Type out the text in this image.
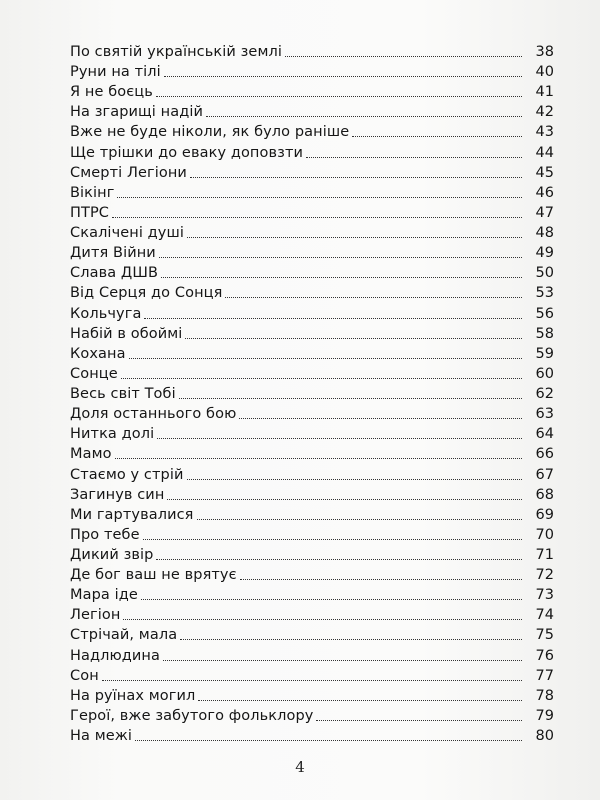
По святій українській землі	38
Руни на тілі	40
Я не боєць	41
На згарищі надій	42
Вже не буде ніколи, як було раніше	43
Ще трішки до еваку доповзти	44
Смерті Легіони	45
Вікінг	46
ПТРС	47
Скалічені душі	48
Дитя Війни	49
Слава ДШВ	50
Від Серця до Сонця	53
Кольчуга	56
Набій в обоймі	58
Кохана	59
Сонце	60
Весь світ Тобі	62
Доля останнього бою	63
Нитка долі	64
Мамо	66
Стаємо у стрій	67
Загинув син	68
Ми гартувалися	69
Про тебе	70
Дикий звір	71
Де бог ваш не врятує	72
Мара іде	73
Легіон	74
Стрічай, мала	75
Надлюдина	76
Сон	77
На руїнах могил	78
Герої, вже забутого фольклору	79
На межі	80
4
